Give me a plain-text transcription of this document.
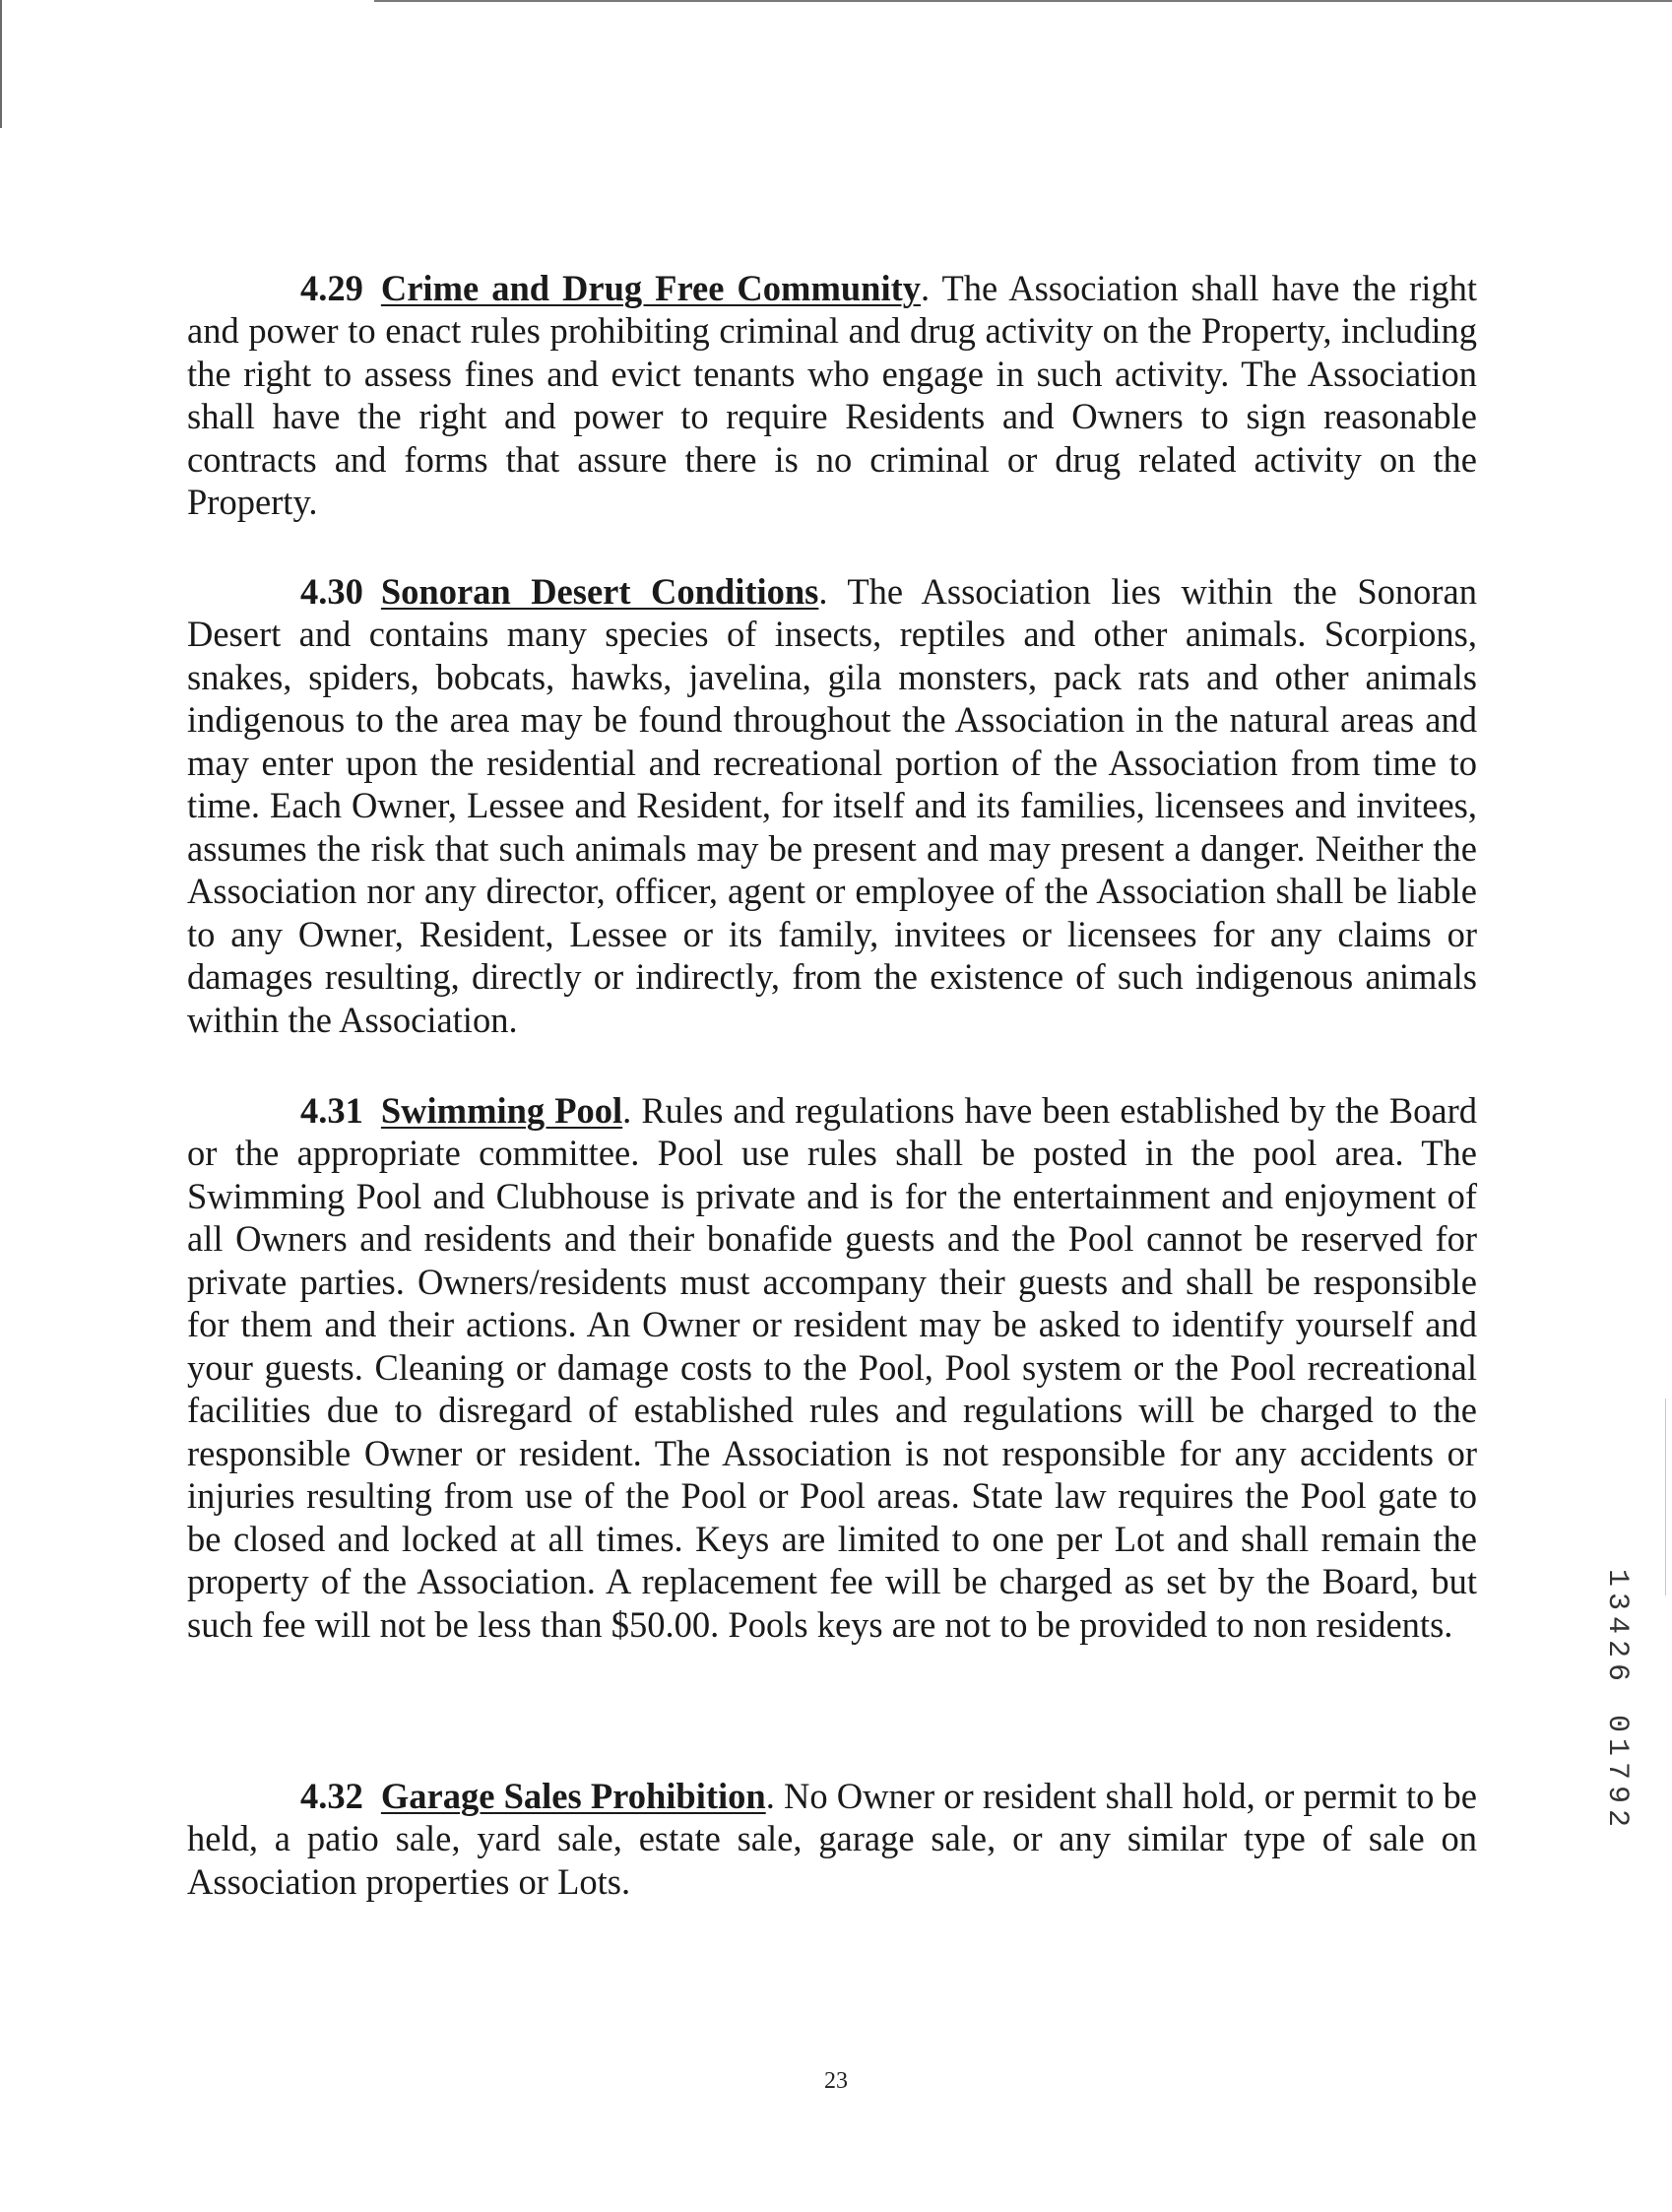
4.29 Crime and Drug Free Community. The Association shall have the right and power to enact rules prohibiting criminal and drug activity on the Property, including the right to assess fines and evict tenants who engage in such activity. The Association shall have the right and power to require Residents and Owners to sign reasonable contracts and forms that assure there is no criminal or drug related activity on the Property.

4.30 Sonoran Desert Conditions. The Association lies within the Sonoran Desert and contains many species of insects, reptiles and other animals. Scorpions, snakes, spiders, bobcats, hawks, javelina, gila monsters, pack rats and other animals indigenous to the area may be found throughout the Association in the natural areas and may enter upon the residential and recreational portion of the Association from time to time. Each Owner, Lessee and Resident, for itself and its families, licensees and invitees, assumes the risk that such animals may be present and may present a danger. Neither the Association nor any director, officer, agent or employee of the Association shall be liable to any Owner, Resident, Lessee or its family, invitees or licensees for any claims or damages resulting, directly or indirectly, from the existence of such indigenous animals within the Association.

4.31 Swimming Pool. Rules and regulations have been established by the Board or the appropriate committee. Pool use rules shall be posted in the pool area. The Swimming Pool and Clubhouse is private and is for the entertainment and enjoyment of all Owners and residents and their bonafide guests and the Pool cannot be reserved for private parties. Owners/residents must accompany their guests and shall be responsible for them and their actions. An Owner or resident may be asked to identify yourself and your guests. Cleaning or damage costs to the Pool, Pool system or the Pool recreational facilities due to disregard of established rules and regulations will be charged to the responsible Owner or resident. The Association is not responsible for any accidents or injuries resulting from use of the Pool or Pool areas. State law requires the Pool gate to be closed and locked at all times. Keys are limited to one per Lot and shall remain the property of the Association. A replacement fee will be charged as set by the Board, but such fee will not be less than $50.00. Pools keys are not to be provided to non residents.

4.32 Garage Sales Prohibition. No Owner or resident shall hold, or permit to be held, a patio sale, yard sale, estate sale, garage sale, or any similar type of sale on Association properties or Lots.

1
3
4
2
6
0
1
7
9
2
23
